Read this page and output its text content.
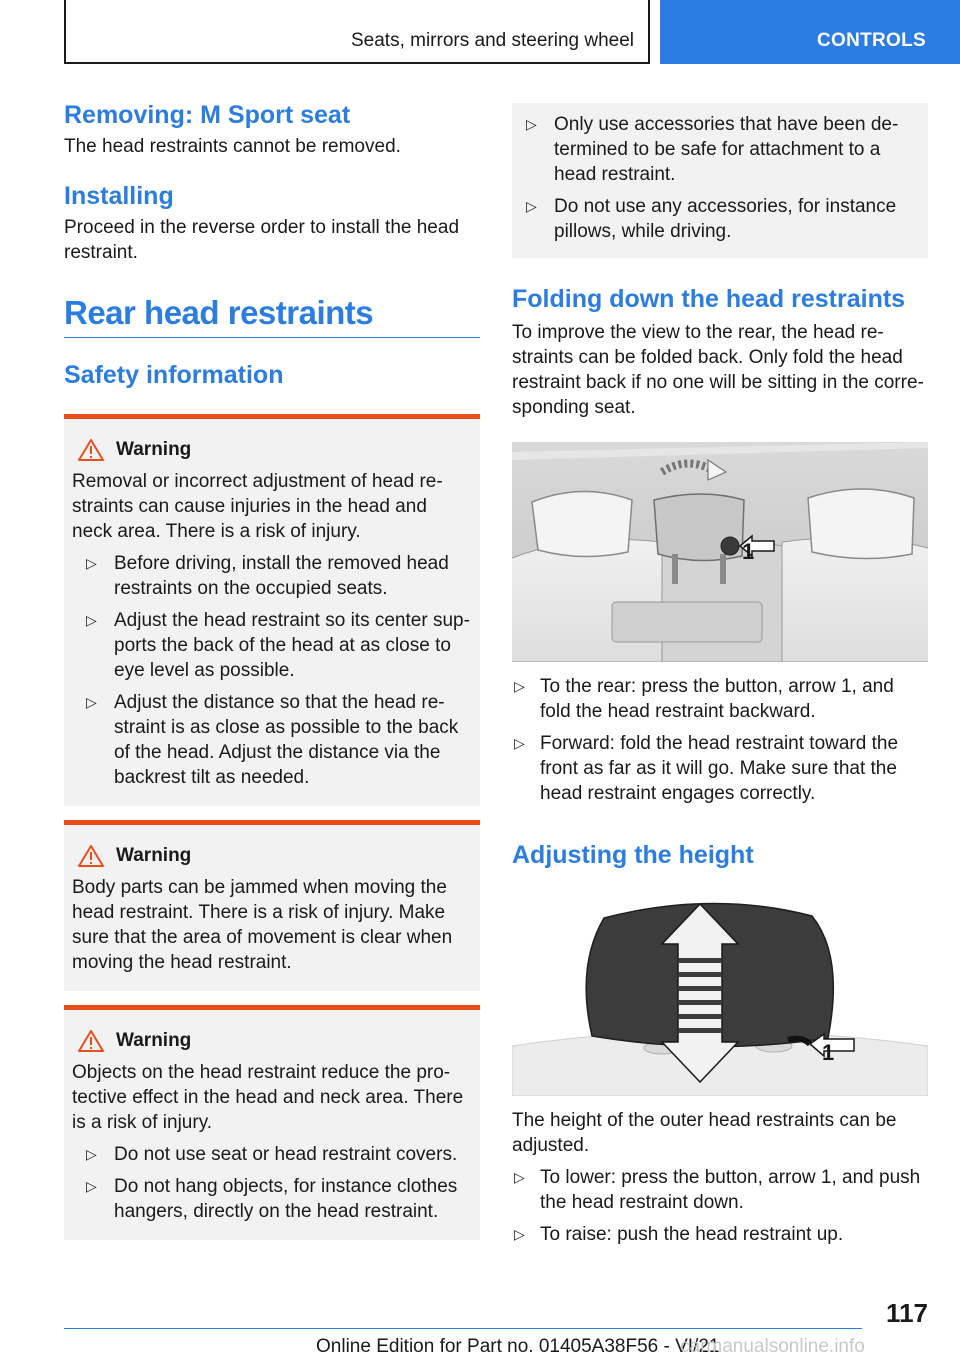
Seats, mirrors and steering wheel	CONTROLS
Removing: M Sport seat

The head restraints cannot be removed.

Installing

Proceed in the reverse order to install the head restraint.

Rear head restraints
Safety information
Warning

Removal or incorrect adjustment of head re-straints can cause injuries in the head and neck area. There is a risk of injury.

▷ Before driving, install the removed head restraints on the occupied seats.
▷ Adjust the head restraint so its center sup-ports the back of the head at as close to eye level as possible.
▷ Adjust the distance so that the head re-straint is as close as possible to the back of the head. Adjust the distance via the backrest tilt as needed.
Warning

Body parts can be jammed when moving the head restraint. There is a risk of injury. Make sure that the area of movement is clear when moving the head restraint.

Warning

Objects on the head restraint reduce the pro-tective effect in the head and neck area. There is a risk of injury.

▷ Do not use seat or head restraint covers.
▷ Do not hang objects, for instance clothes hangers, directly on the head restraint.
▷ Only use accessories that have been de-termined to be safe for attachment to a head restraint.
▷ Do not use any accessories, for instance pillows, while driving.
Folding down the head restraints

To improve the view to the rear, the head re-straints can be folded back. Only fold the head restraint back if no one will be sitting in the corre-sponding seat.

1
▷ To the rear: press the button, arrow 1, and fold the head restraint backward.
▷ Forward: fold the head restraint toward the front as far as it will go. Make sure that the head restraint engages correctly.
Adjusting the height
1

The height of the outer head restraints can be adjusted.

▷ To lower: press the button, arrow 1, and push the head restraint down.
▷ To raise: push the head restraint up.
117
Online Edition for Part no. 01405A38F56 - VI/21
carmanualsonline.info
